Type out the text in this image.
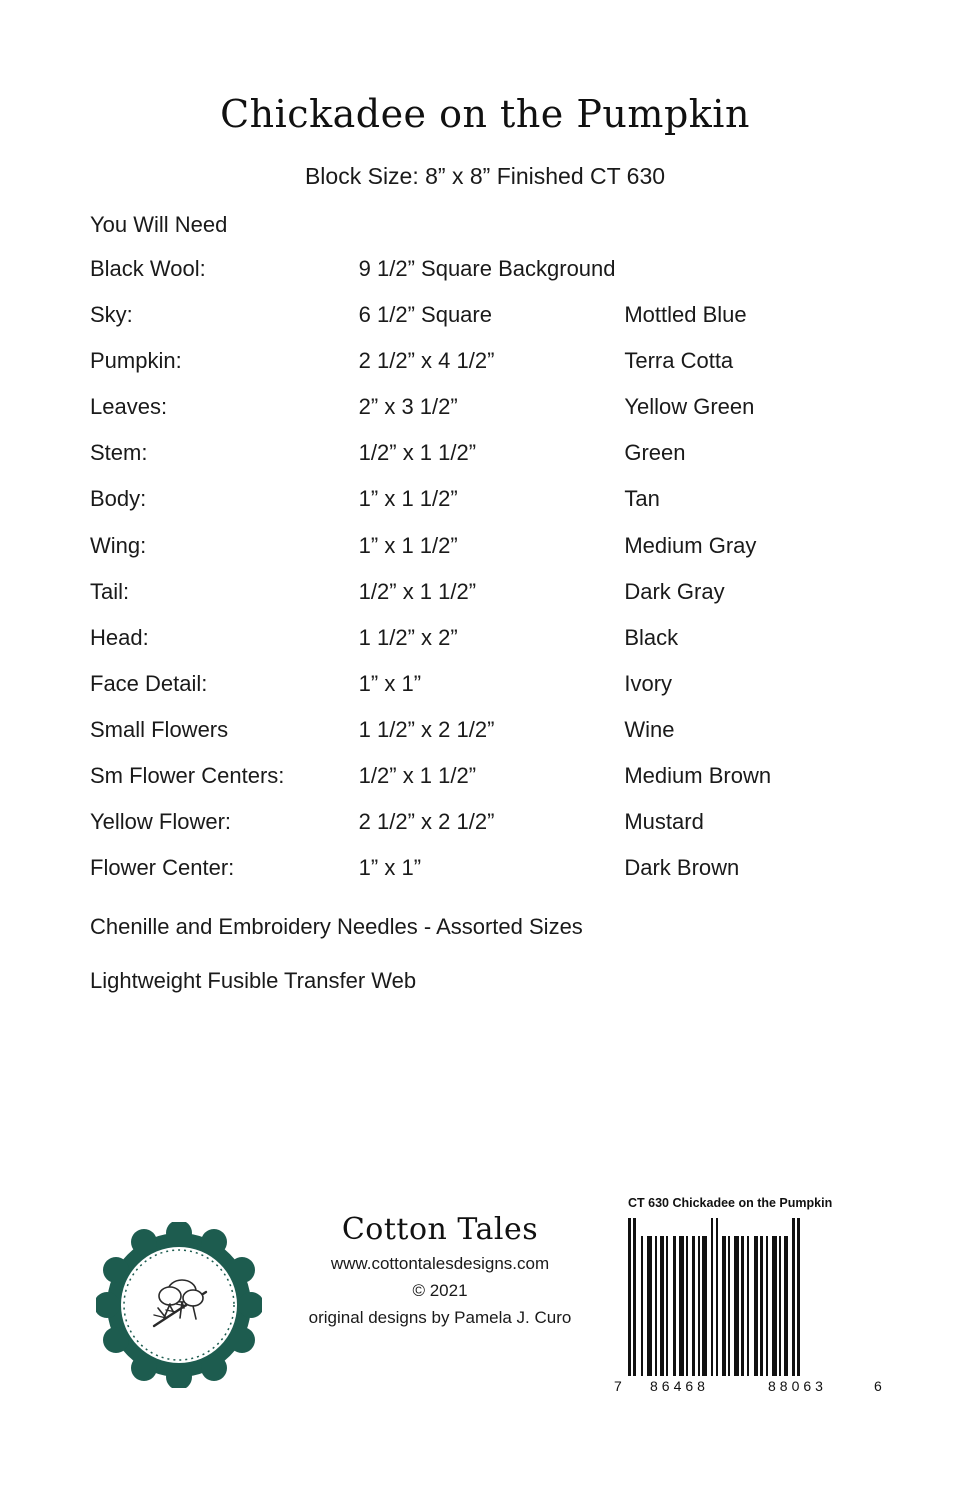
Chickadee on the Pumpkin
Block Size: 8” x 8” Finished CT 630
You Will Need
Black Wool:	9 1/2” Square Background	
Sky:	6 1/2” Square	Mottled Blue
Pumpkin:	2 1/2” x 4 1/2”	Terra Cotta
Leaves:	2” x 3 1/2”	Yellow Green
Stem:	1/2” x 1 1/2”	Green
Body:	1” x 1 1/2”	Tan
Wing:	1” x 1 1/2”	Medium Gray
Tail:	1/2” x 1 1/2”	Dark Gray
Head:	1 1/2” x 2”	Black
Face Detail:	1” x 1”	Ivory
Small Flowers	1 1/2” x 2 1/2”	Wine
Sm Flower Centers:	1/2” x 1 1/2”	Medium Brown
Yellow Flower:	2 1/2” x 2 1/2”	Mustard
Flower Center:	1” x 1”	Dark Brown
Chenille and Embroidery Needles - Assorted Sizes
Lightweight Fusible Transfer Web
Cotton Tales
www.cottontalesdesigns.com
© 2021
original designs by Pamela J. Curo
CT 630 Chickadee on the Pumpkin
7 86468	88063	6
